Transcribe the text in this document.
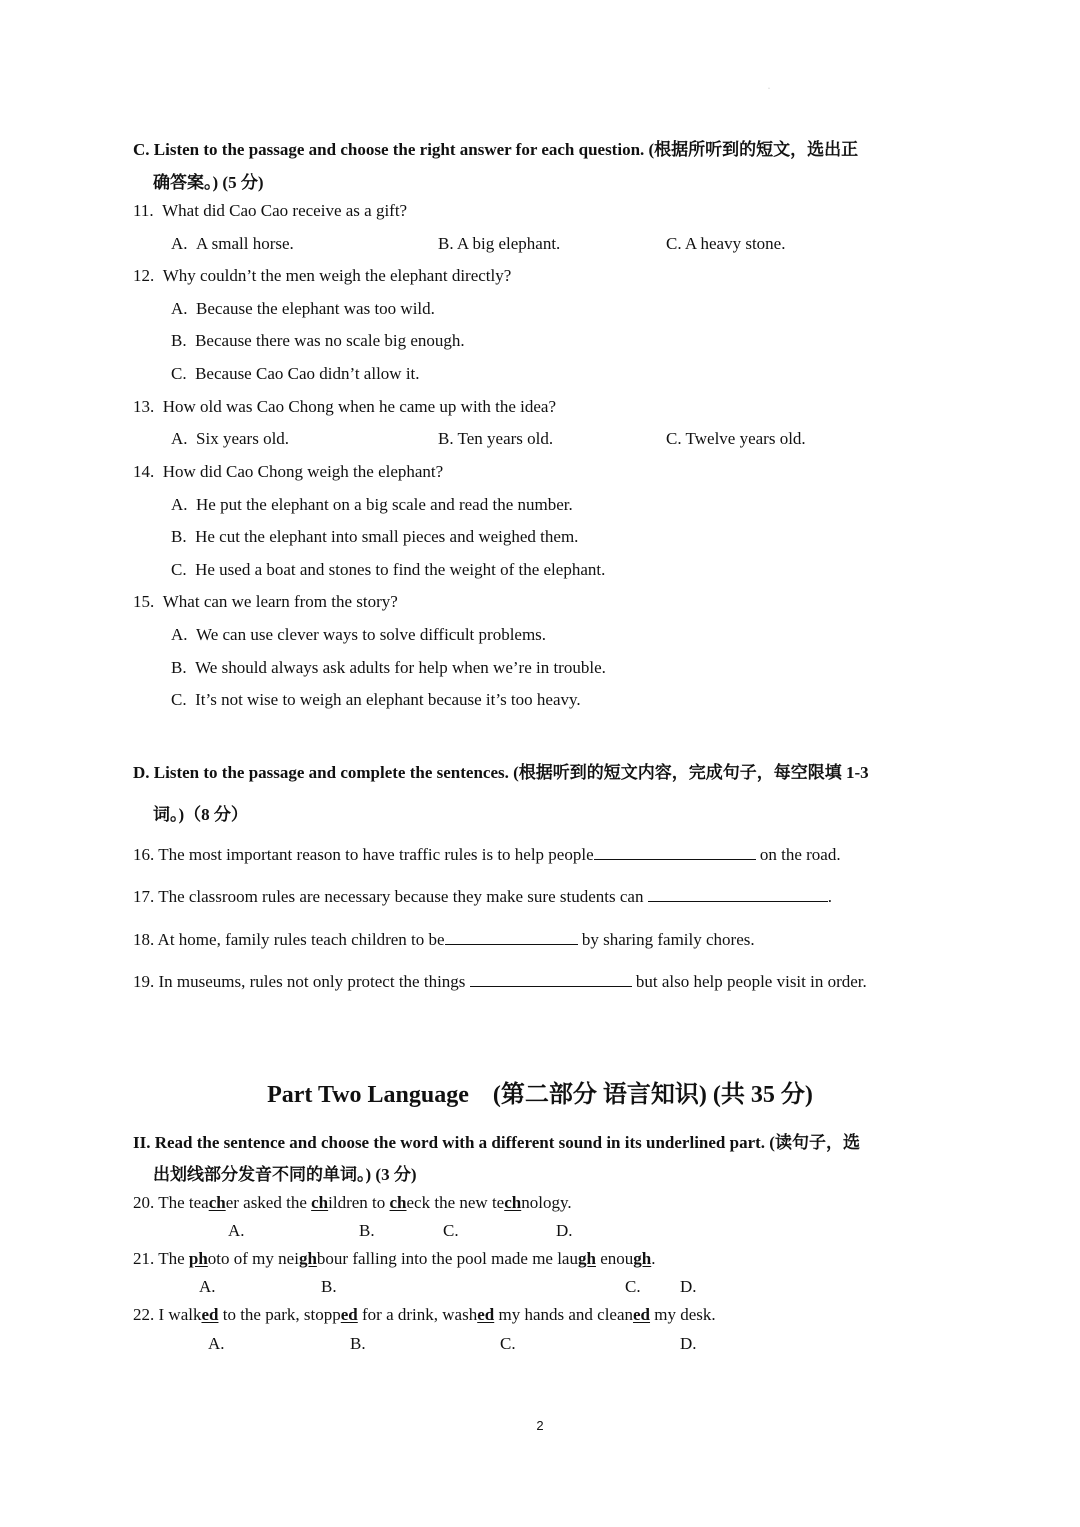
·
C. Listen to the passage and choose the right answer for each question. (根据所听到的短文，选出正
确答案。) (5 分)
11. What did Cao Cao receive as a gift?
A. A small horse.	B. A big elephant.	C. A heavy stone.
12. Why couldn’t the men weigh the elephant directly?
A. Because the elephant was too wild.
B. Because there was no scale big enough.
C. Because Cao Cao didn’t allow it.
13. How old was Cao Chong when he came up with the idea?
A. Six years old.	B. Ten years old.	C. Twelve years old.
14. How did Cao Chong weigh the elephant?
A. He put the elephant on a big scale and read the number.
B. He cut the elephant into small pieces and weighed them.
C. He used a boat and stones to find the weight of the elephant.
15. What can we learn from the story?
A. We can use clever ways to solve difficult problems.
B. We should always ask adults for help when we’re in trouble.
C. It’s not wise to weigh an elephant because it’s too heavy.
D. Listen to the passage and complete the sentences. (根据听到的短文内容，完成句子，每空限填 1-3
词。)（8 分）
16. The most important reason to have traffic rules is to help people	on the road.
17. The classroom rules are necessary because they make sure students can	.
18. At home, family rules teach children to be	by sharing family chores.
19. In museums, rules not only protect the things	but also help people visit in order.
Part Two Language　(第二部分 语言知识) (共 35 分)
II. Read the sentence and choose the word with a different sound in its underlined part. (读句子，选
出划线部分发音不同的单词。) (3 分)
20. The teacher asked the children to check the new technology.
A.	B.	C.	D.
21. The photo of my neighbour falling into the pool made me laugh enough.
A.	B.	C. D.
22. I walked to the park, stopped for a drink, washed my hands and cleaned my desk.
A.	B.	C.	D.
2
